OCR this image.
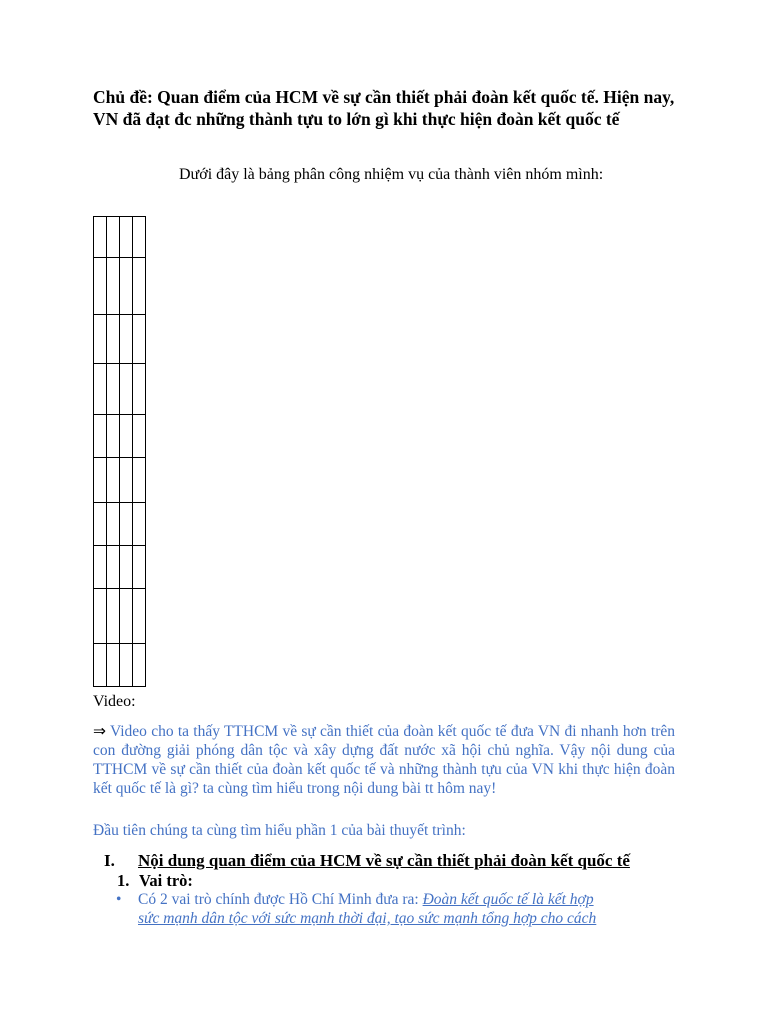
Chủ đề: Quan điểm của HCM về sự cần thiết phải đoàn kết quốc tế. Hiện nay, VN đã đạt đc những thành tựu to lớn gì khi thực hiện đoàn kết quốc tế

Dưới đây là bảng phân công nhiệm vụ của thành viên nhóm mình:

Video:

⇒ Video cho ta thấy TTHCM về sự cần thiết của đoàn kết quốc tế đưa VN đi nhanh hơn trên con đường giải phóng dân tộc và xây dựng đất nước xã hội chủ nghĩa. Vậy nội dung của TTHCM về sự cần thiết của đoàn kết quốc tế và những thành tựu của VN khi thực hiện đoàn kết quốc tế là gì? ta cùng tìm hiểu trong nội dung bài tt hôm nay!

Đầu tiên chúng ta cùng tìm hiểu phần 1 của bài thuyết trình:

I. Nội dung quan điểm của HCM về sự cần thiết phải đoàn kết quốc tế
1. Vai trò:

• Có 2 vai trò chính được Hồ Chí Minh đưa ra: Đoàn kết quốc tế là kết hợp
sức mạnh dân tộc với sức mạnh thời đại, tạo sức mạnh tổng hợp cho cách
